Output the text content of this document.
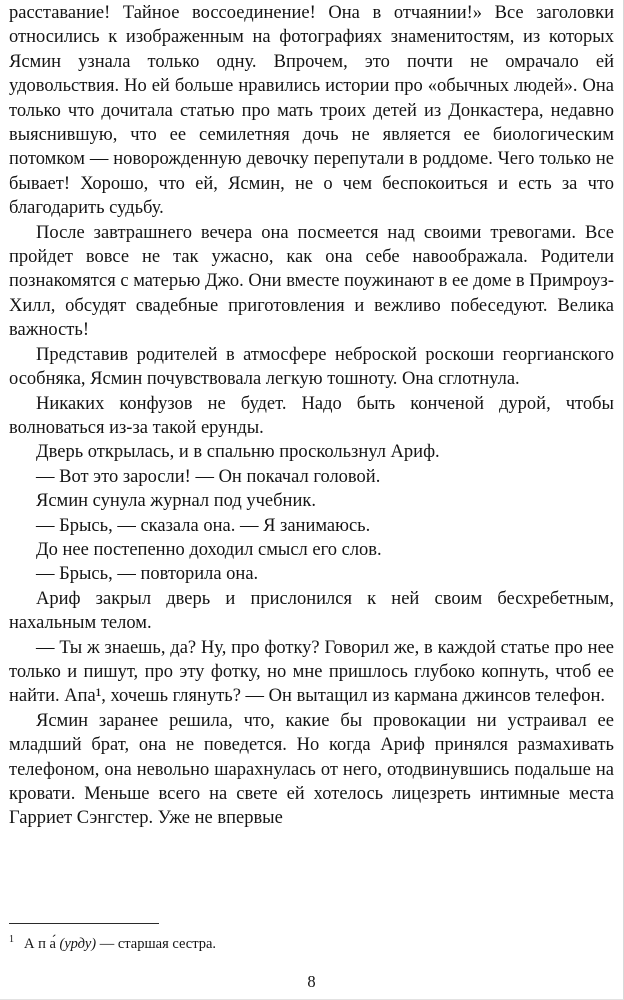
расставание! Тайное воссоединение! Она в отчаянии!» Все заголовки относились к изображенным на фотографиях знаменитостям, из которых Ясмин узнала только одну. Впрочем, это почти не омрачало ей удовольствия. Но ей больше нравились истории про «обычных людей». Она только что дочитала статью про мать троих детей из Донкастера, недавно выяснившую, что ее семилетняя дочь не является ее биологическим потомком — новорожденную девочку перепутали в роддоме. Чего только не бывает! Хорошо, что ей, Ясмин, не о чем беспокоиться и есть за что благодарить судьбу.

После завтрашнего вечера она посмеется над своими тревогами. Все пройдет вовсе не так ужасно, как она себе навоображала. Родители познакомятся с матерью Джо. Они вместе поужинают в ее доме в Примроуз-Хилл, обсудят свадебные приготовления и вежливо побеседуют. Велика важность!

Представив родителей в атмосфере неброской роскоши георгианского особняка, Ясмин почувствовала легкую тошноту. Она сглотнула.

Никаких конфузов не будет. Надо быть конченой дурой, чтобы волноваться из-за такой ерунды.

Дверь открылась, и в спальню проскользнул Ариф.

— Вот это заросли! — Он покачал головой.

Ясмин сунула журнал под учебник.

— Брысь, — сказала она. — Я занимаюсь.

До нее постепенно доходил смысл его слов.

— Брысь, — повторила она.

Ариф закрыл дверь и прислонился к ней своим бесхребетным, нахальным телом.

— Ты ж знаешь, да? Ну, про фотку? Говорил же, в каждой статье про нее только и пишут, про эту фотку, но мне пришлось глубоко копнуть, чтоб ее найти. Апа¹, хочешь глянуть? — Он вытащил из кармана джинсов телефон.

Ясмин заранее решила, что, какие бы провокации ни устраивал ее младший брат, она не поведется. Но когда Ариф принялся размахивать телефоном, она невольно шарахнулась от него, отодвинувшись подальше на кровати. Меньше всего на свете ей хотелось лицезреть интимные места Гарриет Сэнгстер. Уже не впервые

1 А п а́ (урду) — старшая сестра.
8
